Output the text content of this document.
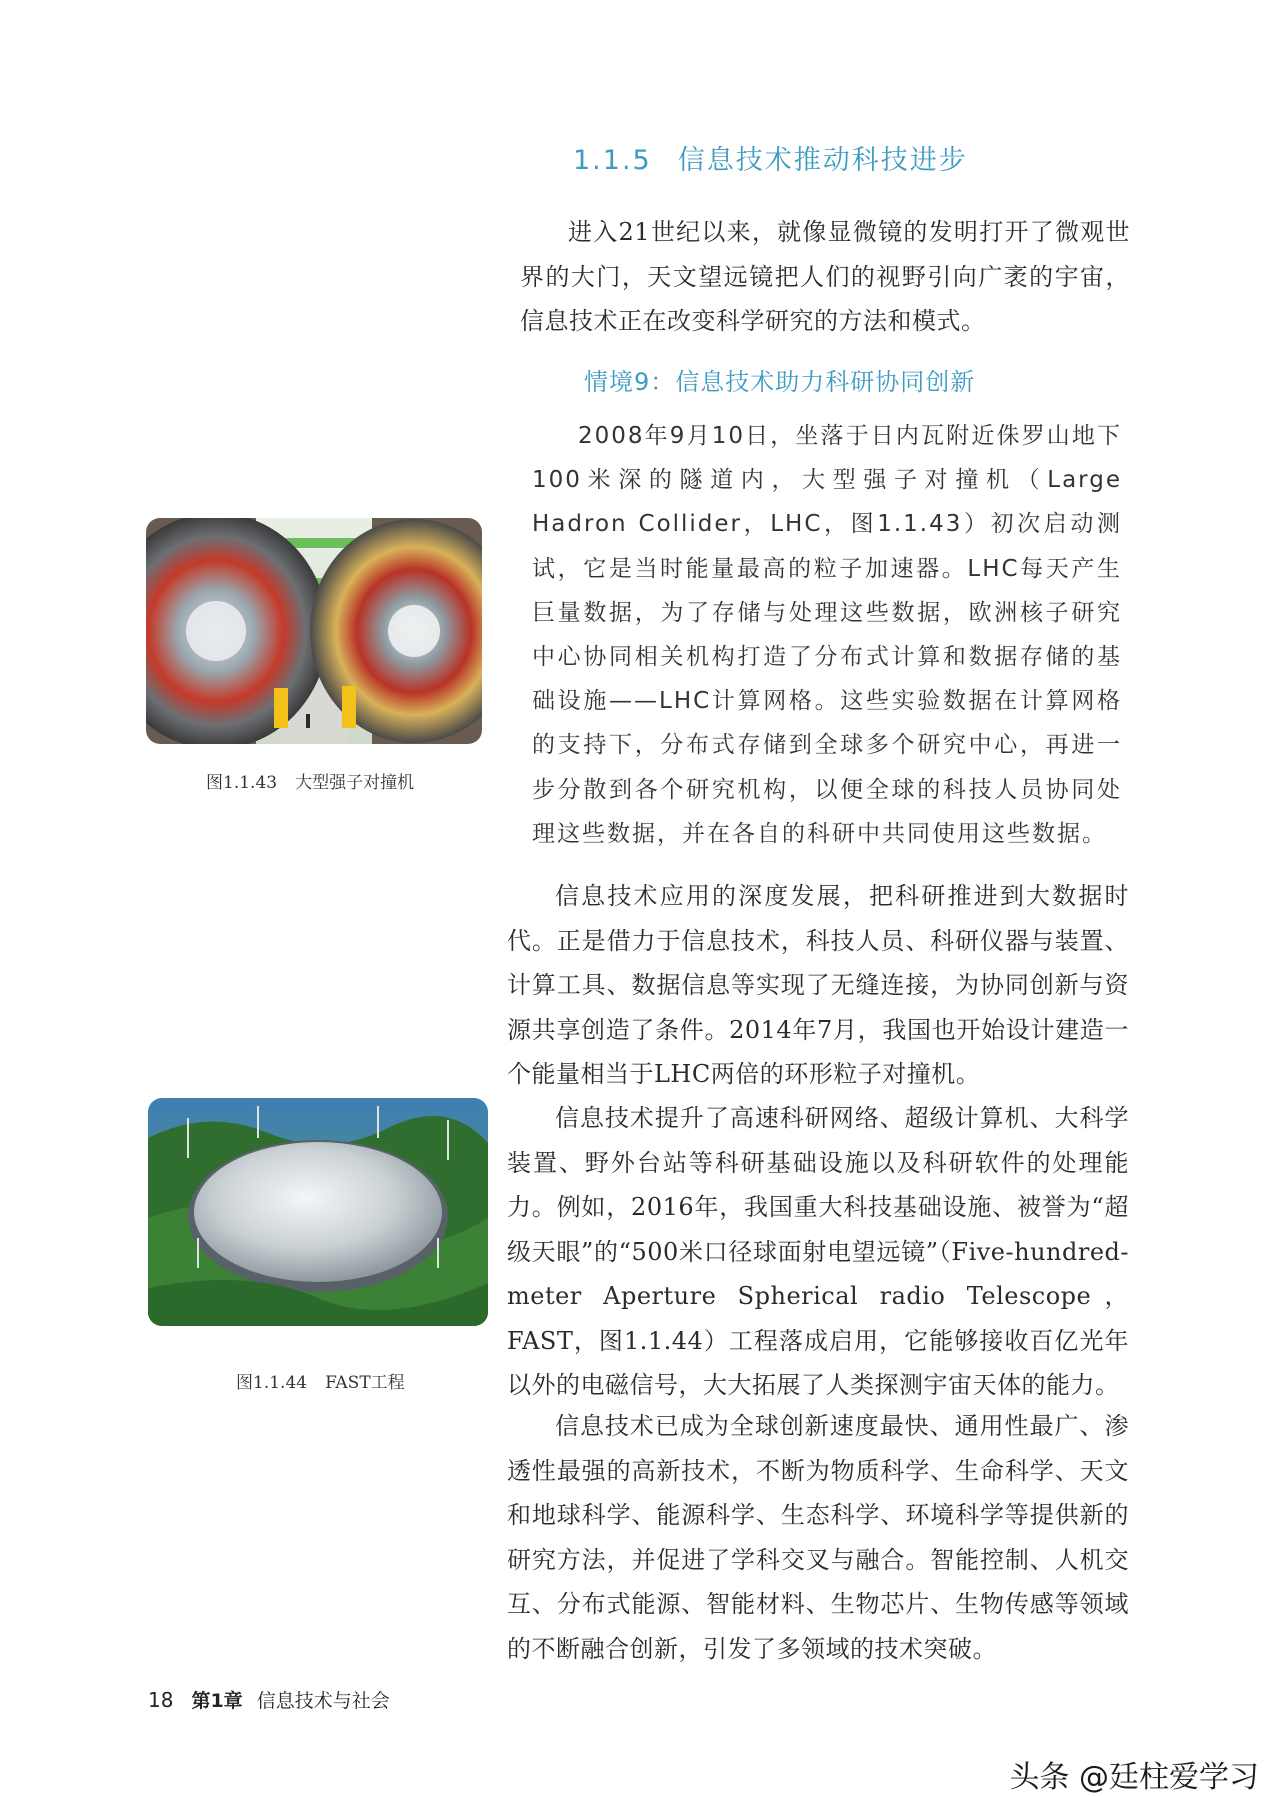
1.1.5 信息技术推动科技进步

进入21世纪以来，就像显微镜的发明打开了微观世界的大门，天文望远镜把人们的视野引向广袤的宇宙，信息技术正在改变科学研究的方法和模式。

情境9：信息技术助力科研协同创新

2008年9月10日，坐落于日内瓦附近侏罗山地下100米深的隧道内，大型强子对撞机（Large Hadron Collider，LHC，图1.1.43）初次启动测试，它是当时能量最高的粒子加速器。LHC每天产生巨量数据，为了存储与处理这些数据，欧洲核子研究中心协同相关机构打造了分布式计算和数据存储的基础设施——LHC计算网格。这些实验数据在计算网格的支持下，分布式存储到全球多个研究中心，再进一步分散到各个研究机构，以便全球的科技人员协同处理这些数据，并在各自的科研中共同使用这些数据。

图1.1.43 大型强子对撞机

信息技术应用的深度发展，把科研推进到大数据时代。正是借力于信息技术，科技人员、科研仪器与装置、计算工具、数据信息等实现了无缝连接，为协同创新与资源共享创造了条件。2014年7月，我国也开始设计建造一个能量相当于LHC两倍的环形粒子对撞机。

图1.1.44 FAST工程

信息技术提升了高速科研网络、超级计算机、大科学装置、野外台站等科研基础设施以及科研软件的处理能力。例如，2016年，我国重大科技基础设施、被誉为“超级天眼”的“500米口径球面射电望远镜”（Five-hundred-meter Aperture Spherical radio Telescope，FAST，图1.1.44）工程落成启用，它能够接收百亿光年以外的电磁信号，大大拓展了人类探测宇宙天体的能力。

信息技术已成为全球创新速度最快、通用性最广、渗透性最强的高新技术，不断为物质科学、生命科学、天文和地球科学、能源科学、生态科学、环境科学等提供新的研究方法，并促进了学科交叉与融合。智能控制、人机交互、分布式能源、智能材料、生物芯片、生物传感等领域的不断融合创新，引发了多领域的技术突破。

18 第1章 信息技术与社会
头条 @廷柱爱学习
